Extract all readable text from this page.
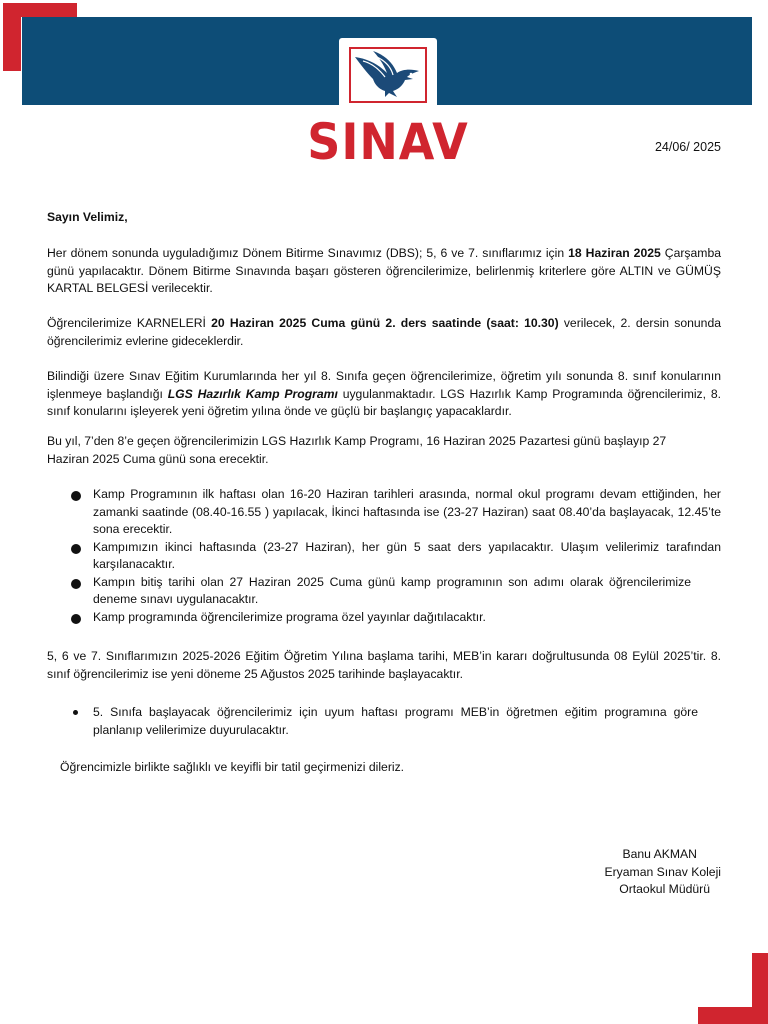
SINAV	24/06/ 2025
Sayın Velimiz,
Her dönem sonunda uyguladığımız Dönem Bitirme Sınavımız (DBS); 5, 6 ve 7. sınıflarımız için 18 Haziran 2025 Çarşamba günü yapılacaktır. Dönem Bitirme Sınavında başarı gösteren öğrencilerimize, belirlenmiş kriterlere göre ALTIN ve GÜMÜŞ KARTAL BELGESİ verilecektir.
Öğrencilerimize KARNELERİ 20 Haziran 2025 Cuma günü 2. ders saatinde (saat: 10.30) verilecek, 2. dersin sonunda öğrencilerimiz evlerine gideceklerdir.
Bilindiği üzere Sınav Eğitim Kurumlarında her yıl 8. Sınıfa geçen öğrencilerimize, öğretim yılı sonunda 8. sınıf konularının işlenmeye başlandığı LGS Hazırlık Kamp Programı uygulanmaktadır. LGS Hazırlık Kamp Programında öğrencilerimiz, 8. sınıf konularını işleyerek yeni öğretim yılına önde ve güçlü bir başlangıç yapacaklardır.
Bu yıl, 7’den 8’e geçen öğrencilerimizin LGS Hazırlık Kamp Programı, 16 Haziran 2025 Pazartesi günü başlayıp 27 Haziran 2025 Cuma günü sona erecektir.
Kamp Programının ilk haftası olan 16-20 Haziran tarihleri arasında, normal okul programı devam ettiğinden, her zamanki saatinde (08.40-16.55 ) yapılacak, İkinci haftasında ise (23-27 Haziran) saat 08.40’da başlayacak, 12.45’te sona erecektir.
Kampımızın ikinci haftasında (23-27 Haziran), her gün 5 saat ders yapılacaktır. Ulaşım velilerimiz tarafından karşılanacaktır.
Kampın bitiş tarihi olan 27 Haziran 2025 Cuma günü kamp programının son adımı olarak öğrencilerimize deneme sınavı uygulanacaktır.
Kamp programında öğrencilerimize programa özel yayınlar dağıtılacaktır.
5, 6 ve 7. Sınıflarımızın 2025-2026 Eğitim Öğretim Yılına başlama tarihi, MEB’in kararı doğrultusunda 08 Eylül 2025’tir. 8. sınıf öğrencilerimiz ise yeni döneme 25 Ağustos 2025 tarihinde başlayacaktır.
5. Sınıfa başlayacak öğrencilerimiz için uyum haftası programı MEB’in öğretmen eğitim programına göre planlanıp velilerimize duyurulacaktır.
Öğrencimizle birlikte sağlıklı ve keyifli bir tatil geçirmenizi dileriz.
Banu AKMAN
Eryaman Sınav Koleji
Ortaokul Müdürü
